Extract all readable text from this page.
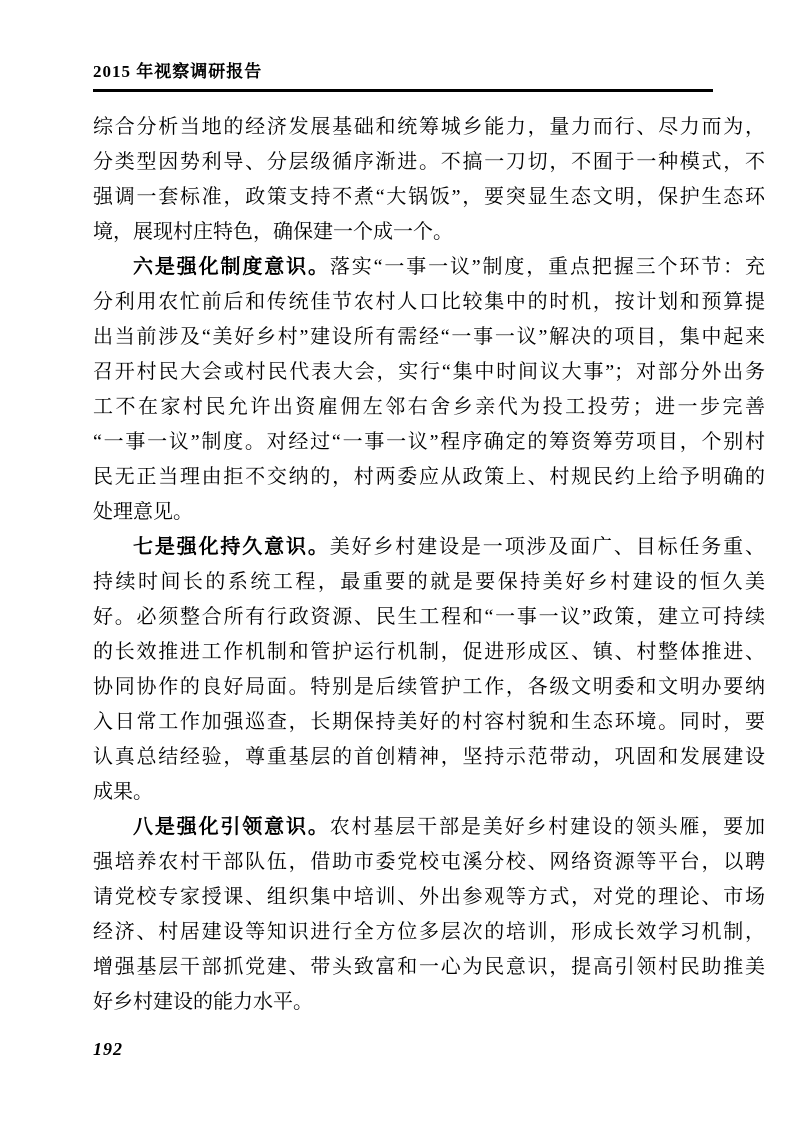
2015 年视察调研报告
综合分析当地的经济发展基础和统筹城乡能力，量力而行、尽力而为，
分类型因势利导、分层级循序渐进。不搞一刀切，不囿于一种模式，不
强调一套标准，政策支持不煮“大锅饭”，要突显生态文明，保护生态环
境，展现村庄特色，确保建一个成一个。
六是强化制度意识。落实“一事一议”制度，重点把握三个环节：充
分利用农忙前后和传统佳节农村人口比较集中的时机，按计划和预算提
出当前涉及“美好乡村”建设所有需经“一事一议”解决的项目，集中起来
召开村民大会或村民代表大会，实行“集中时间议大事”；对部分外出务
工不在家村民允许出资雇佣左邻右舍乡亲代为投工投劳；进一步完善
“一事一议”制度。对经过“一事一议”程序确定的筹资筹劳项目，个别村
民无正当理由拒不交纳的，村两委应从政策上、村规民约上给予明确的
处理意见。
七是强化持久意识。美好乡村建设是一项涉及面广、目标任务重、
持续时间长的系统工程，最重要的就是要保持美好乡村建设的恒久美
好。必须整合所有行政资源、民生工程和“一事一议”政策，建立可持续
的长效推进工作机制和管护运行机制，促进形成区、镇、村整体推进、
协同协作的良好局面。特别是后续管护工作，各级文明委和文明办要纳
入日常工作加强巡查，长期保持美好的村容村貌和生态环境。同时，要
认真总结经验，尊重基层的首创精神，坚持示范带动，巩固和发展建设
成果。
八是强化引领意识。农村基层干部是美好乡村建设的领头雁，要加
强培养农村干部队伍，借助市委党校屯溪分校、网络资源等平台，以聘
请党校专家授课、组织集中培训、外出参观等方式，对党的理论、市场
经济、村居建设等知识进行全方位多层次的培训，形成长效学习机制，
增强基层干部抓党建、带头致富和一心为民意识，提高引领村民助推美
好乡村建设的能力水平。
192
